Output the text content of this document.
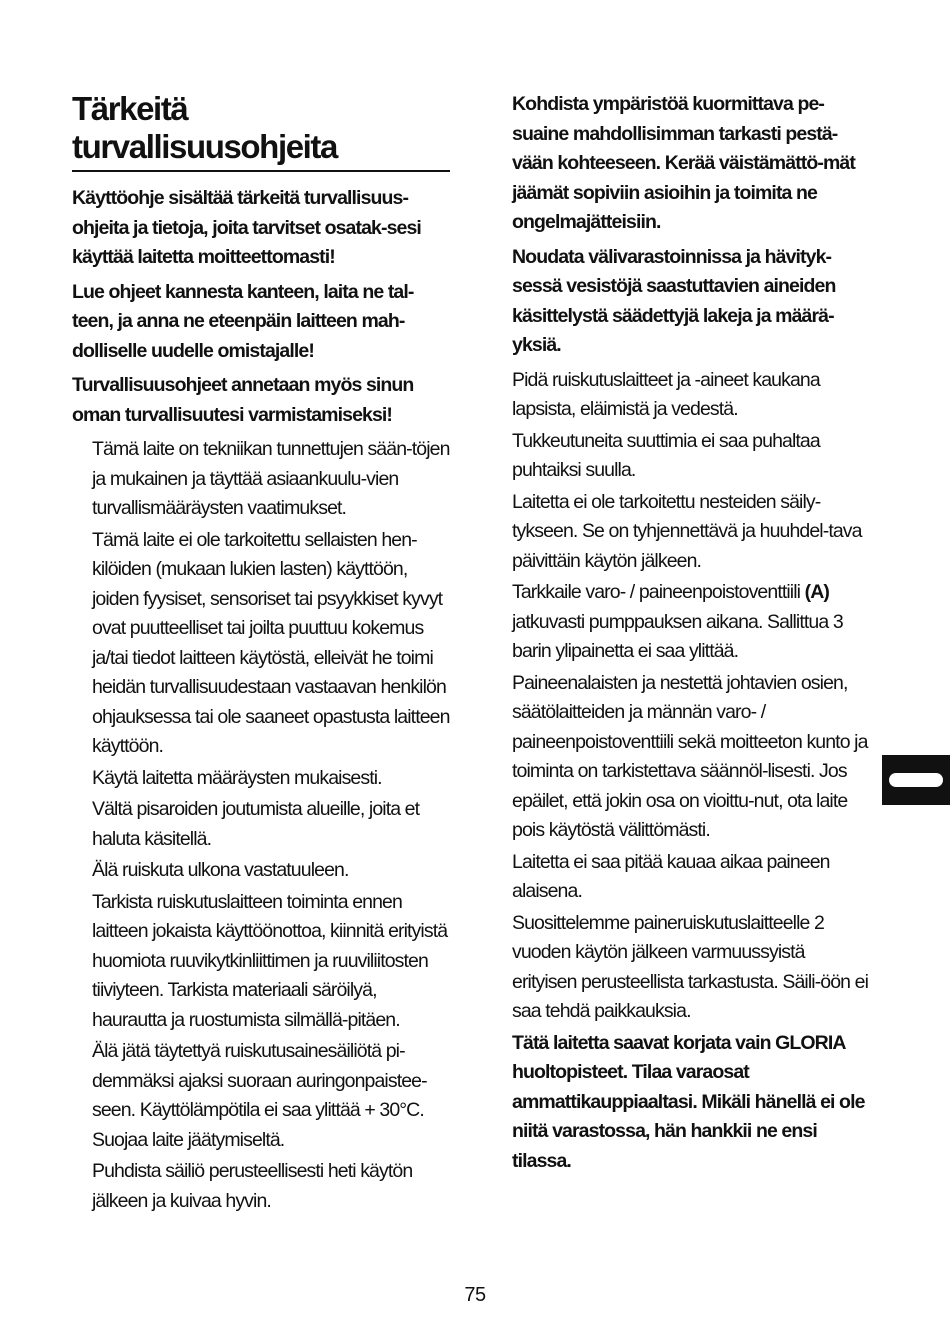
Tärkeitä turvallisuusohjeita

Käyttöohje sisältää tärkeitä turvallisuus-ohjeita ja tietoja, joita tarvitset osatak-sesi käyttää laitetta moitteettomasti!

Lue ohjeet kannesta kanteen, laita ne tal-teen, ja anna ne eteenpäin laitteen mah-dolliselle uudelle omistajalle!

Turvallisuusohjeet annetaan myös sinun oman turvallisuutesi varmistamiseksi!

Tämä laite on tekniikan tunnettujen sään-töjen ja mukainen ja täyttää asiaankuulu-vien turvallismääräysten vaatimukset.

Tämä laite ei ole tarkoitettu sellaisten hen-kilöiden (mukaan lukien lasten) käyttöön, joiden fyysiset, sensoriset tai psyykkiset kyvyt ovat puutteelliset tai joilta puuttuu kokemus ja/tai tiedot laitteen käytöstä, elleivät he toimi heidän turvallisuudestaan vastaavan henkilön ohjauksessa tai ole saaneet opastusta laitteen käyttöön.

Käytä laitetta määräysten mukaisesti.

Vältä pisaroiden joutumista alueille, joita et haluta käsitellä.

Älä ruiskuta ulkona vastatuuleen.

Tarkista ruiskutuslaitteen toiminta ennen laitteen jokaista käyttöönottoa, kiinnitä erityistä huomiota ruuvikytkinliittimen ja ruuviliitosten tiiviyteen. Tarkista materiaali säröilyä, haurautta ja ruostumista silmällä-pitäen.

Älä jätä täytettyä ruiskutusainesäiliötä pi-demmäksi ajaksi suoraan auringonpaistee-seen. Käyttölämpötila ei saa ylittää + 30°C. Suojaa laite jäätymiseltä.

Puhdista säiliö perusteellisesti heti käytön jälkeen ja kuivaa hyvin.

Kohdista ympäristöä kuormittava pe-suaine mahdollisimman tarkasti pestä-vään kohteeseen. Kerää väistämättö-mät jäämät sopiviin asioihin ja toimita ne ongelmajätteisiin.

Noudata välivarastoinnissa ja hävityk-sessä vesistöjä saastuttavien aineiden käsittelystä säädettyjä lakeja ja määrä-yksiä.

Pidä ruiskutuslaitteet ja -aineet kaukana lapsista, eläimistä ja vedestä.

Tukkeutuneita suuttimia ei saa puhaltaa puhtaiksi suulla.

Laitetta ei ole tarkoitettu nesteiden säily-tykseen. Se on tyhjennettävä ja huuhdel-tava päivittäin käytön jälkeen.

Tarkkaile varo- / paineenpoistoventtiili (A) jatkuvasti pumppauksen aikana. Sallittua 3 barin ylipainetta ei saa ylittää.

Paineenalaisten ja nestettä johtavien osien, säätölaitteiden ja männän varo- / paineenpoistoventtiili sekä moitteeton kunto ja toiminta on tarkistettava säännöl-lisesti. Jos epäilet, että jokin osa on vioittu-nut, ota laite pois käytöstä välittömästi.

Laitetta ei saa pitää kauaa aikaa paineen alaisena.

Suosittelemme paineruiskutuslaitteelle 2 vuoden käytön jälkeen varmuussyistä erityisen perusteellista tarkastusta. Säili-öön ei saa tehdä paikkauksia.

Tätä laitetta saavat korjata vain GLORIA huoltopisteet. Tilaa varaosat ammattikauppiaaltasi. Mikäli hänellä ei ole niitä varastossa, hän hankkii ne ensi tilassa.

75
